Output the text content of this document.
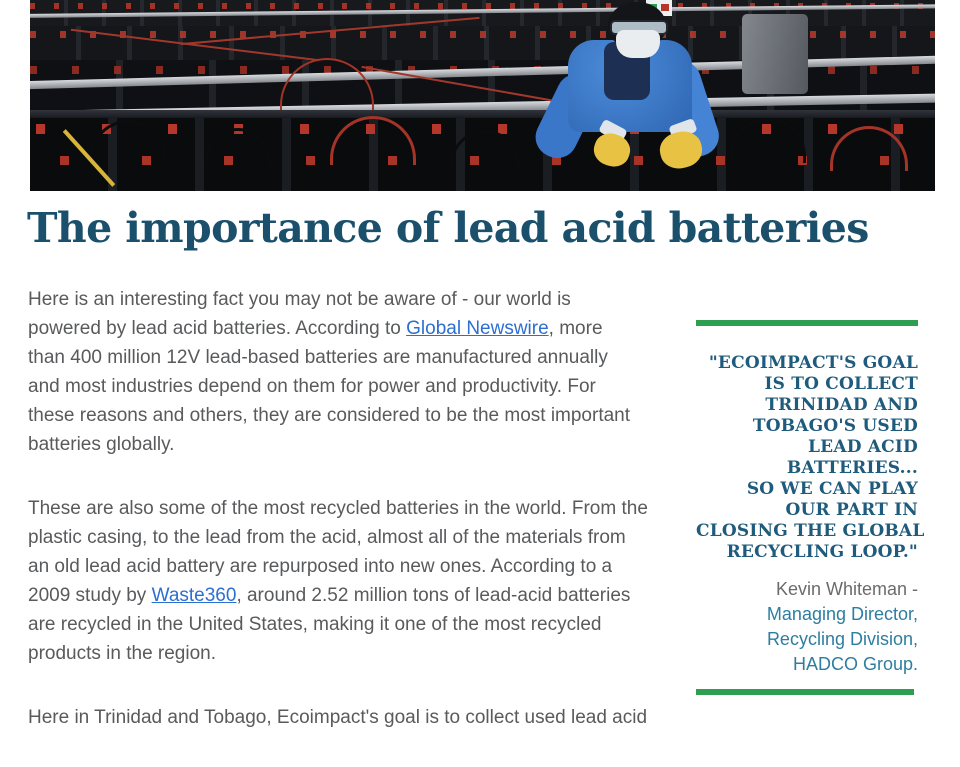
The importance of lead acid batteries

Here is an interesting fact you may not be aware of - our world is
powered by lead acid batteries. According to Global Newswire, more
than 400 million 12V lead-based batteries are manufactured annually
and most industries depend on them for power and productivity. For
these reasons and others, they are considered to be the most important
batteries globally.

These are also some of the most recycled batteries in the world. From the
plastic casing, to the lead from the acid, almost all of the materials from
an old lead acid battery are repurposed into new ones. According to a
2009 study by Waste360, around 2.52 million tons of lead-acid batteries
are recycled in the United States, making it one of the most recycled
products in the region.

Here in Trinidad and Tobago, Ecoimpact's goal is to collect used lead acid

"ECOIMPACT'S GOAL
IS TO COLLECT
TRINIDAD AND
TOBAGO'S USED
LEAD ACID
BATTERIES...
SO WE CAN PLAY
OUR PART IN
CLOSING THE GLOBAL
RECYCLING LOOP."
Kevin Whiteman -
Managing Director,
Recycling Division,
HADCO Group.
